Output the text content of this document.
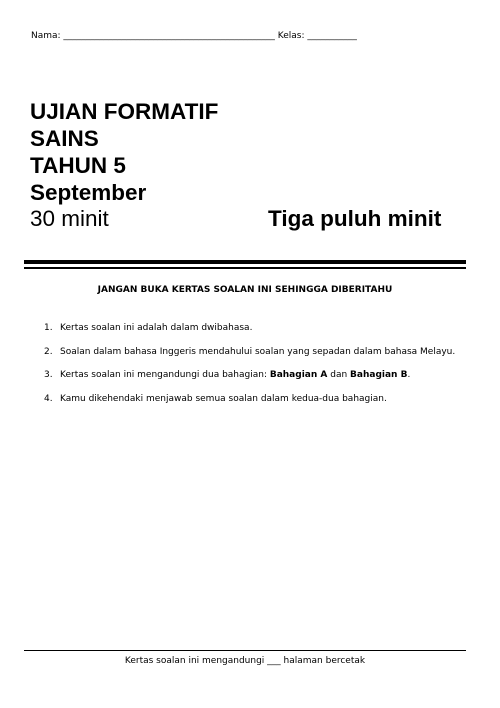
Nama: _______________________________________________ Kelas: ___________
UJIAN FORMATIF
SAINS
TAHUN 5
September
30 minit	Tiga puluh minit
JANGAN BUKA KERTAS SOALAN INI SEHINGGA DIBERITAHU
1. Kertas soalan ini adalah dalam dwibahasa.
2. Soalan dalam bahasa Inggeris mendahului soalan yang sepadan dalam bahasa Melayu.
3. Kertas soalan ini mengandungi dua bahagian: Bahagian A dan Bahagian B.
4. Kamu dikehendaki menjawab semua soalan dalam kedua-dua bahagian.
Kertas soalan ini mengandungi ___ halaman bercetak
